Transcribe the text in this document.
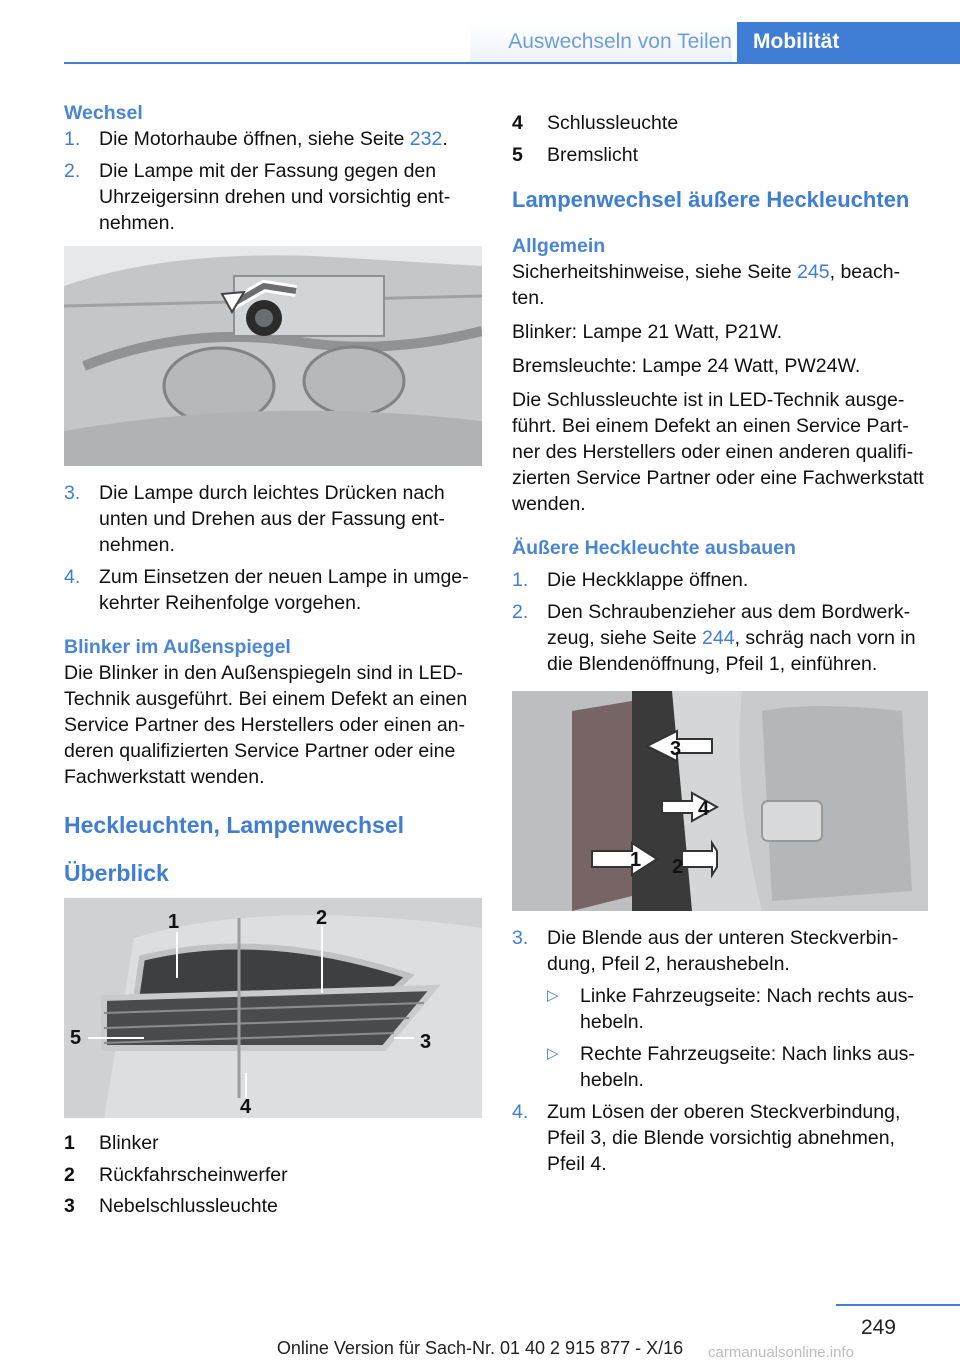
Auswechseln von Teilen	Mobilität

Wechsel

1. Die Motorhaube öffnen, siehe Seite 232.
2. Die Lampe mit der Fassung gegen den Uhrzeigersinn drehen und vorsichtig ent‐ nehmen.
3. Die Lampe durch leichtes Drücken nach unten und Drehen aus der Fassung ent‐ nehmen.
4. Zum Einsetzen der neuen Lampe in umge‐ kehrter Reihenfolge vorgehen.

Blinker im Außenspiegel

Die Blinker in den Außenspiegeln sind in LED-Technik ausgeführt. Bei einem Defekt an einen Service Partner des Herstellers oder einen an‐ deren qualifizierten Service Partner oder eine Fachwerkstatt wenden.

Heckleuchten, Lampenwechsel

Überblick

1	2
3
4
5
1 Blinker
2 Rückfahrscheinwerfer
3 Nebelschlussleuchte
4 Schlussleuchte
5 Bremslicht

Lampenwechsel äußere Heckleuchten

Allgemein

Sicherheitshinweise, siehe Seite 245, beach‐ ten.

Blinker: Lampe 21 Watt, P21W.

Bremsleuchte: Lampe 24 Watt, PW24W.

Die Schlussleuchte ist in LED-Technik ausge‐ führt. Bei einem Defekt an einen Service Part‐ ner des Herstellers oder einen anderen qualifi‐ zierten Service Partner oder eine Fachwerkstatt wenden.

Äußere Heckleuchte ausbauen

1. Die Heckklappe öffnen.
2. Den Schraubenzieher aus dem Bordwerk‐ zeug, siehe Seite 244, schräg nach vorn in die Blendenöffnung, Pfeil 1, einführen.
1 2
3
4
3. Die Blende aus der unteren Steckverbin‐ dung, Pfeil 2, heraushebeln.
▷ Linke Fahrzeugseite: Nach rechts aus‐ hebeln.
▷ Rechte Fahrzeugseite: Nach links aus‐ hebeln.
4. Zum Lösen der oberen Steckverbindung, Pfeil 3, die Blende vorsichtig abnehmen, Pfeil 4.
249
Online Version für Sach-Nr. 01 40 2 915 877 - X/16	carmanualsonline.info
